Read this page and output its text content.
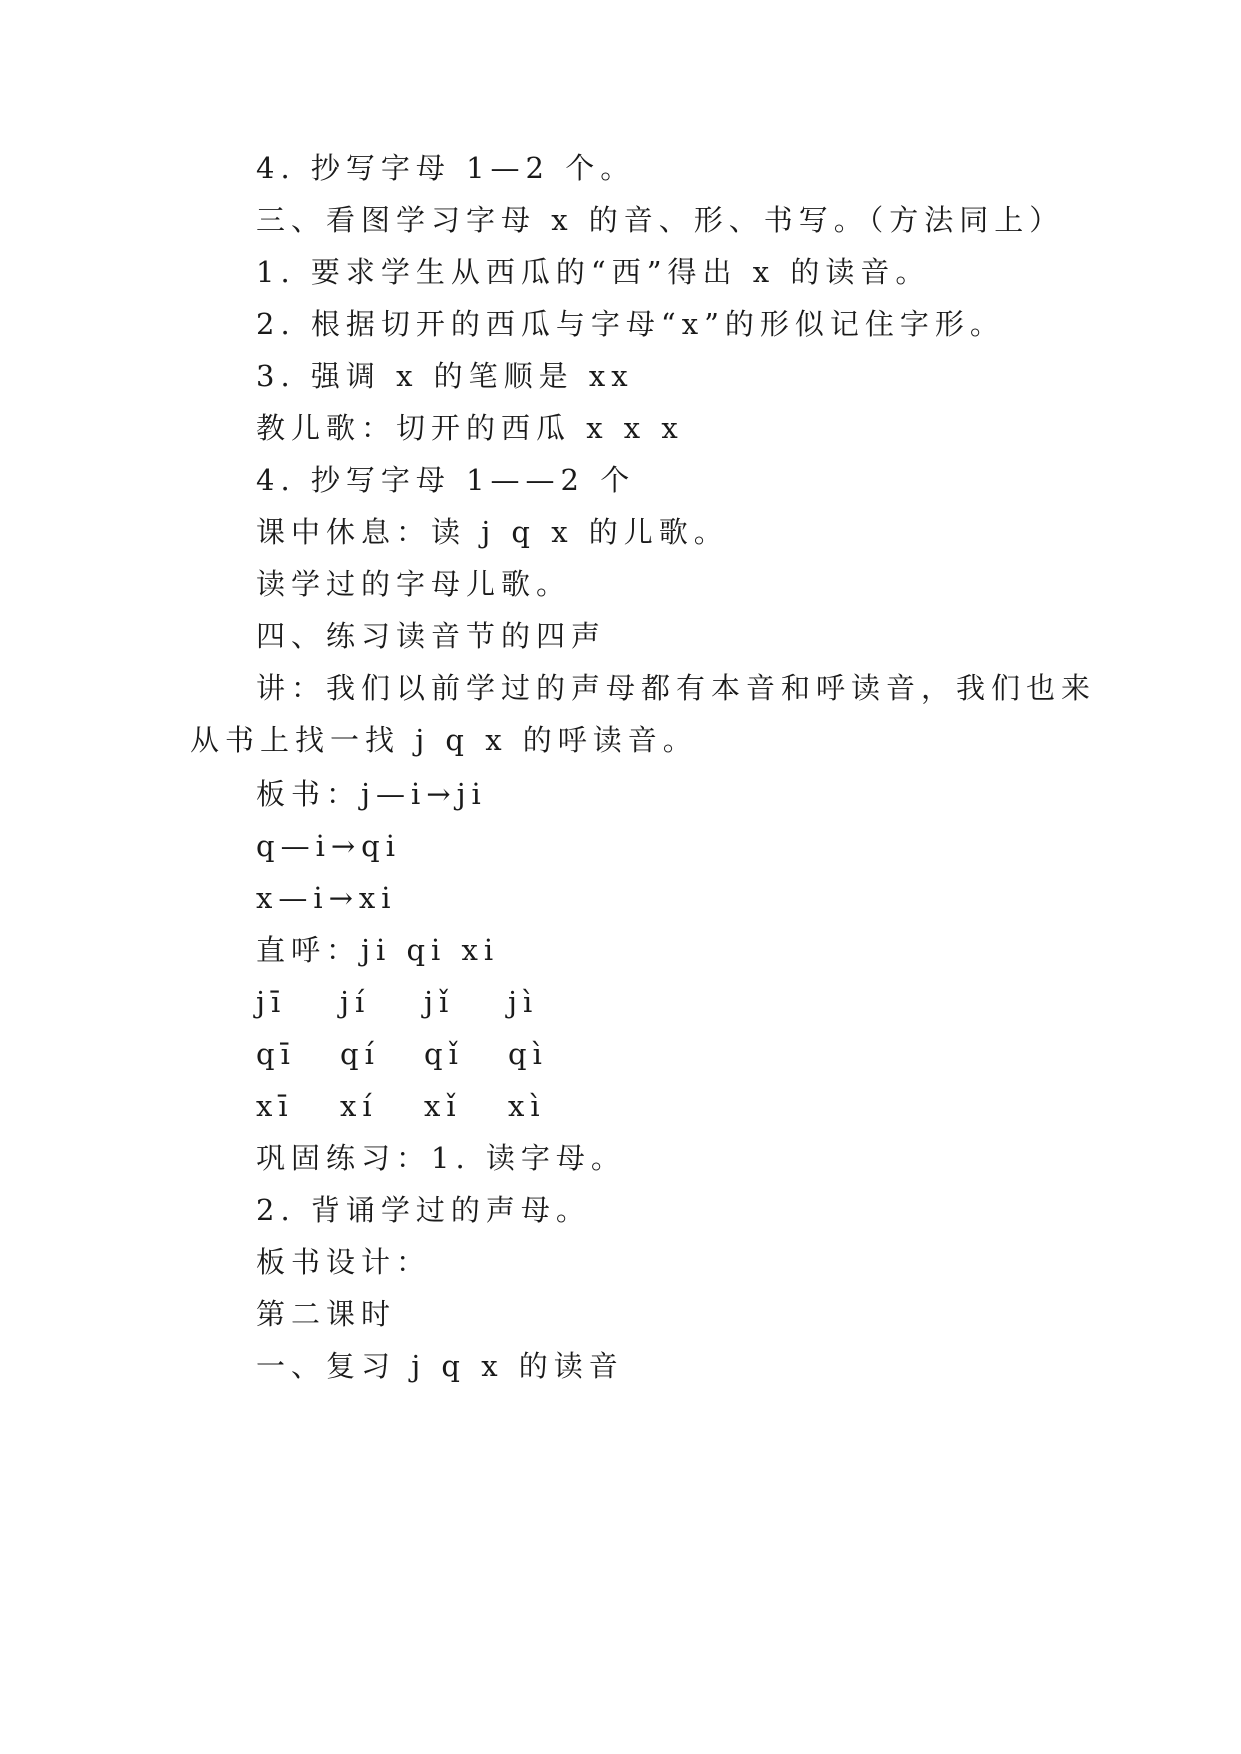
4. 抄写字母 1—2 个。
三、看图学习字母 x 的音、形、书写。（方法同上）
1. 要求学生从西瓜的“西”得出 x 的读音。
2. 根据切开的西瓜与字母“x”的形似记住字形。
3. 强调 x 的笔顺是 xx
教儿歌：切开的西瓜 x x x
4. 抄写字母 1——2 个
课中休息：读 j q x 的儿歌。
读学过的字母儿歌。
四、练习读音节的四声
讲：我们以前学过的声母都有本音和呼读音，我们也来
从书上找一找 j q x 的呼读音。
板书：j—i→ji
q—i→qi
x—i→xi
直呼：ji qi xi
jī	jí	jǐ	jì
qī	qí	qǐ	qì
xī	xí	xǐ	xì
巩固练习：1. 读字母。
2. 背诵学过的声母。
板书设计：
第二课时
一、复习 j q x 的读音
